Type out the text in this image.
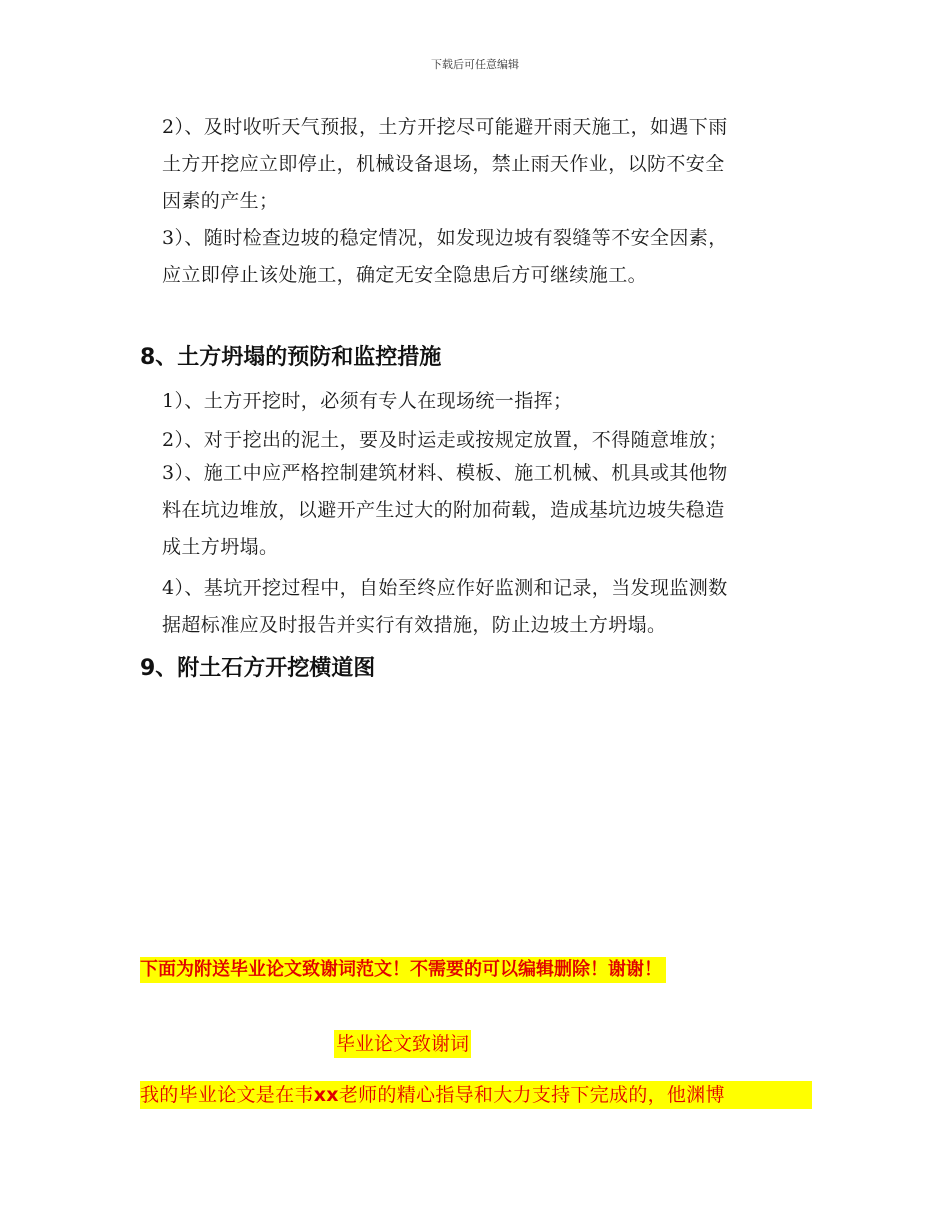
下载后可任意编辑
2）、及时收听天气预报，土方开挖尽可能避开雨天施工，如遇下雨
土方开挖应立即停止，机械设备退场，禁止雨天作业，以防不安全
因素的产生；
3）、随时检查边坡的稳定情况，如发现边坡有裂缝等不安全因素，
应立即停止该处施工，确定无安全隐患后方可继续施工。
8、土方坍塌的预防和监控措施
1）、土方开挖时，必须有专人在现场统一指挥；
2）、对于挖出的泥土，要及时运走或按规定放置，不得随意堆放；
3）、施工中应严格控制建筑材料、模板、施工机械、机具或其他物
料在坑边堆放，以避开产生过大的附加荷载，造成基坑边坡失稳造
成土方坍塌。
4）、基坑开挖过程中，自始至终应作好监测和记录，当发现监测数
据超标准应及时报告并实行有效措施，防止边坡土方坍塌。
9、附土石方开挖横道图
下面为附送毕业论文致谢词范文！不需要的可以编辑删除！谢谢！
毕业论文致谢词
我的毕业论文是在韦xx老师的精心指导和大力支持下完成的，他渊博
